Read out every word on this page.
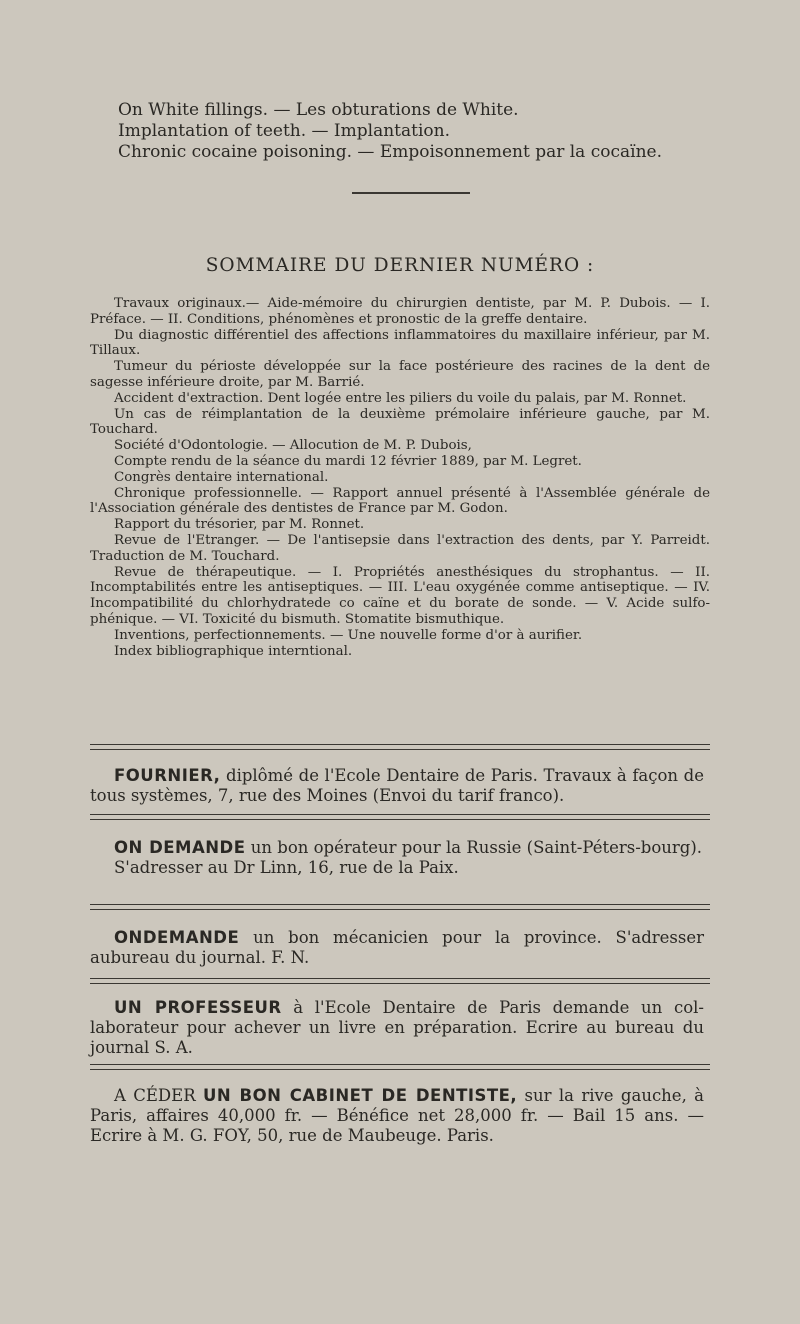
On White fillings. — Les obturations de White.

Implantation of teeth. — Implantation.

Chronic cocaine poisoning. — Empoisonnement par la cocaïne.

SOMMAIRE DU DERNIER NUMÉRO :

Travaux originaux.— Aide-mémoire du chirurgien dentiste, par M. P. Dubois. — I. Préface. — II. Conditions, phénomènes et pronostic de la greffe dentaire.

Du diagnostic différentiel des affections inflammatoires du maxillaire inférieur, par M. Tillaux.

Tumeur du périoste développée sur la face postérieure des racines de la dent de sagesse inférieure droite, par M. Barrié.

Accident d'extraction. Dent logée entre les piliers du voile du palais, par M. Ronnet.

Un cas de réimplantation de la deuxième prémolaire inférieure gauche, par M. Touchard.

Société d'Odontologie. — Allocution de M. P. Dubois,

Compte rendu de la séance du mardi 12 février 1889, par M. Legret.

Congrès dentaire international.

Chronique professionnelle. — Rapport annuel présenté à l'Assemblée générale de l'Association générale des dentistes de France par M. Godon.

Rapport du trésorier, par M. Ronnet.

Revue de l'Etranger. — De l'antisepsie dans l'extraction des dents, par Y. Parreidt. Traduction de M. Touchard.

Revue de thérapeutique. — I. Propriétés anesthésiques du strophantus. — II. Incomptabilités entre les antiseptiques. — III. L'eau oxygénée comme antiseptique. — IV. Incompatibilité du chlorhydratede co caïne et du borate de sonde. — V. Acide sulfo-phénique. — VI. Toxicité du bismuth. Stomatite bismuthique.

Inventions, perfectionnements. — Une nouvelle forme d'or à aurifier.

Index bibliographique interntional.

FOURNIER, diplômé de l'Ecole Dentaire de Paris. Travaux à façon de tous systèmes, 7, rue des Moines (Envoi du tarif franco).

ON DEMANDE un bon opérateur pour la Russie (Saint-Péters-bourg).

S'adresser au Dr Linn, 16, rue de la Paix.

ONDEMANDE un bon mécanicien pour la province. S'adresser aubureau du journal. F. N.

UN PROFESSEUR à l'Ecole Dentaire de Paris demande un col-laborateur pour achever un livre en préparation. Ecrire au bureau du journal S. A.

A CÉDER UN BON CABINET DE DENTISTE, sur la rive gauche, à Paris, affaires 40,000 fr. — Bénéfice net 28,000 fr. — Bail 15 ans. — Ecrire à M. G. FOY, 50, rue de Maubeuge. Paris.
